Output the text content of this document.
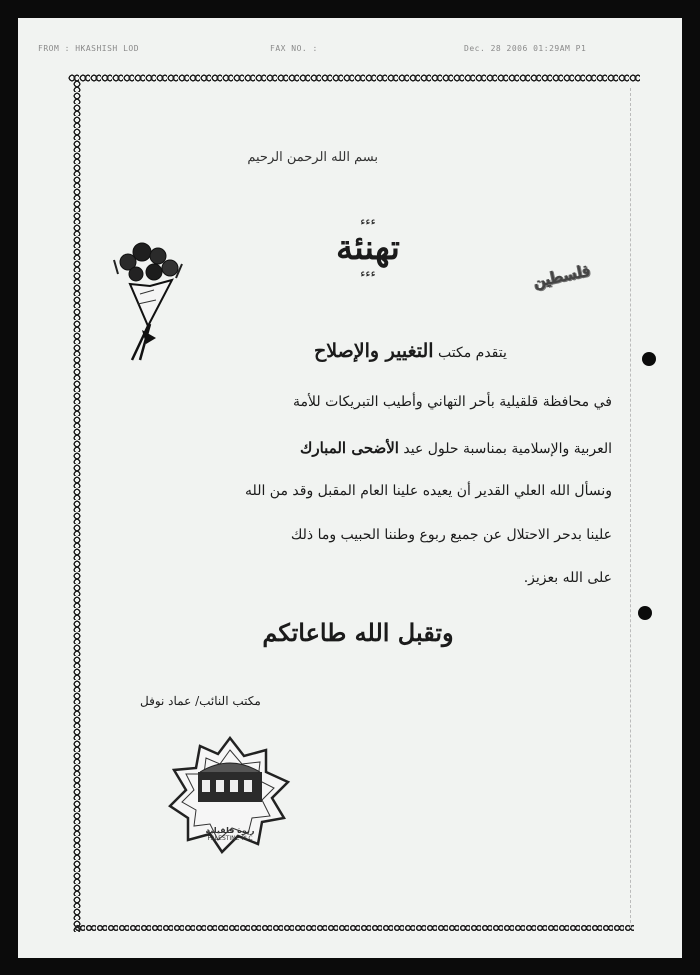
FROM : HKASHISH LOD	FAX NO. :	Dec. 28 2006 01:29AM P1
بسم الله الرحمن الرحيم
ءءء
تهنئة
ءءء	فلسطين
يتقدم مكتب التغيير والإصلاح
في محافظة قلقيلية بأحر التهاني وأطيب التبريكات للأمة
العربية والإسلامية بمناسبة حلول عيد الأضحى المبارك
ونسأل الله العلي القدير أن يعيده علينا العام المقبل وقد من الله
علينا بدحر الاحتلال عن جميع ربوع وطننا الحبيب وما ذلك
على الله بعزيز.
وتقبل الله طاعاتكم
مكتب النائب/ عماد نوفل
ربوة قلقيلية
PALESTINE PLC
